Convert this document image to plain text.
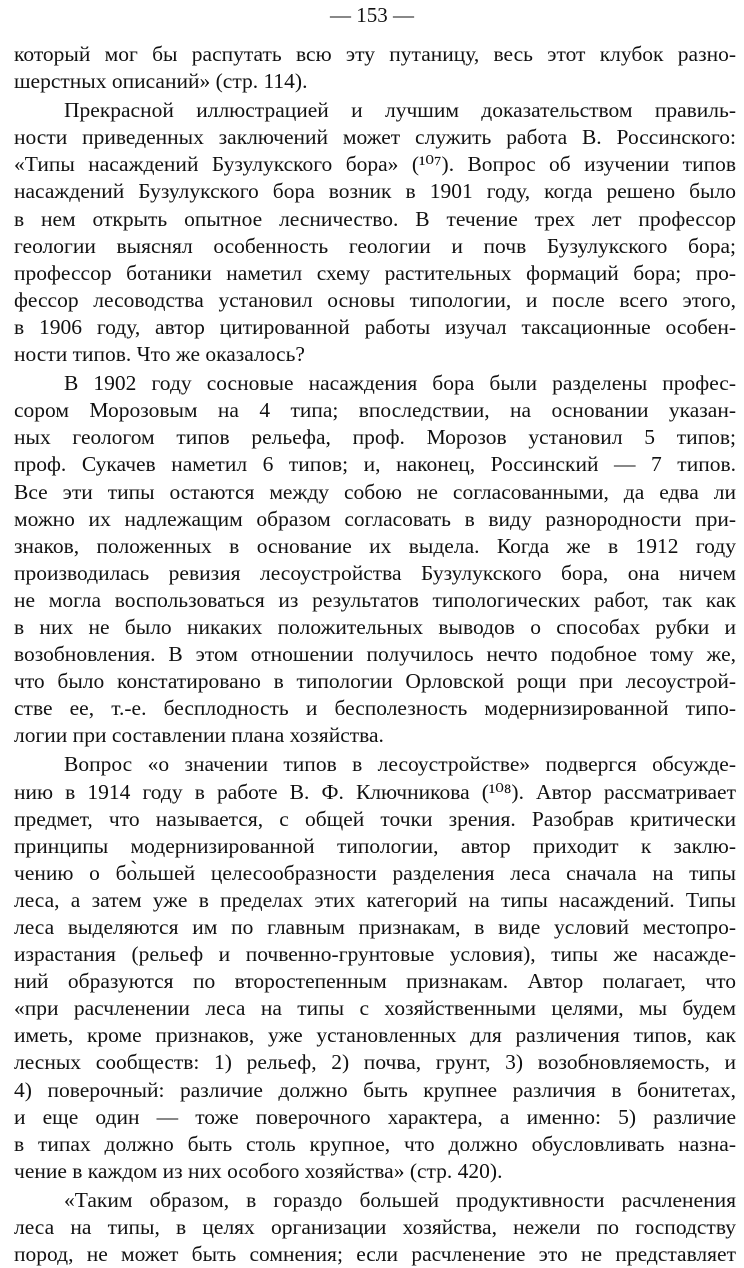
— 153 —
который мог бы распутать всю эту путаницу, весь этот клубок разно-
шерстных описаний» (стр. 114).
Прекрасной иллюстрацией и лучшим доказательством правиль-
ности приведенных заключений может служить работа В. Россинского:
«Типы насаждений Бузулукского бора» (¹⁰⁷). Вопрос об изучении типов
насаждений Бузулукского бора возник в 1901 году, когда решено было
в нем открыть опытное лесничество. В течение трех лет профессор
геологии выяснял особенность геологии и почв Бузулукского бора;
профессор ботаники наметил схему растительных формаций бора; про-
фессор лесоводства установил основы типологии, и после всего этого,
в 1906 году, автор цитированной работы изучал таксационные особен-
ности типов. Что же оказалось?
В 1902 году сосновые насаждения бора были разделены профес-
сором Морозовым на 4 типа; впоследствии, на основании указан-
ных геологом типов рельефа, проф. Морозов установил 5 типов;
проф. Сукачев наметил 6 типов; и, наконец, Россинский — 7 типов.
Все эти типы остаются между собою не согласованными, да едва ли
можно их надлежащим образом согласовать в виду разнородности при-
знаков, положенных в основание их выдела. Когда же в 1912 году
производилась ревизия лесоустройства Бузулукского бора, она ничем
не могла воспользоваться из результатов типологических работ, так как
в них не было никаких положительных выводов о способах рубки и
возобновления. В этом отношении получилось нечто подобное тому же,
что было констатировано в типологии Орловской рощи при лесоустрой-
стве ее, т.-е. бесплодность и бесполезность модернизированной типо-
логии при составлении плана хозяйства.
Вопрос «о значении типов в лесоустройстве» подвергся обсужде-
нию в 1914 году в работе В. Ф. Ключникова (¹⁰⁸). Автор рассматривает
предмет, что называется, с общей точки зрения. Разобрав критически
принципы модернизированной типологии, автор приходит к заклю-
чению о бо̀льшей целесообразности разделения леса сначала на типы
леса, а затем уже в пределах этих категорий на типы насаждений. Типы
леса выделяются им по главным признакам, в виде условий местопро-
израстания (рельеф и почвенно-грунтовые условия), типы же насажде-
ний образуются по второстепенным признакам. Автор полагает, что
«при расчленении леса на типы с хозяйственными целями, мы будем
иметь, кроме признаков, уже установленных для различения типов, как
лесных сообществ: 1) рельеф, 2) почва, грунт, 3) возобновляемость, и
4) поверочный: различие должно быть крупнее различия в бонитетах,
и еще один — тоже поверочного характера, а именно: 5) различие
в типах должно быть столь крупное, что должно обусловливать назна-
чение в каждом из них особого хозяйства» (стр. 420).
«Таким образом, в гораздо большей продуктивности расчленения
леса на типы, в целях организации хозяйства, нежели по господству
пород, не может быть сомнения; если расчленение это не представляет
